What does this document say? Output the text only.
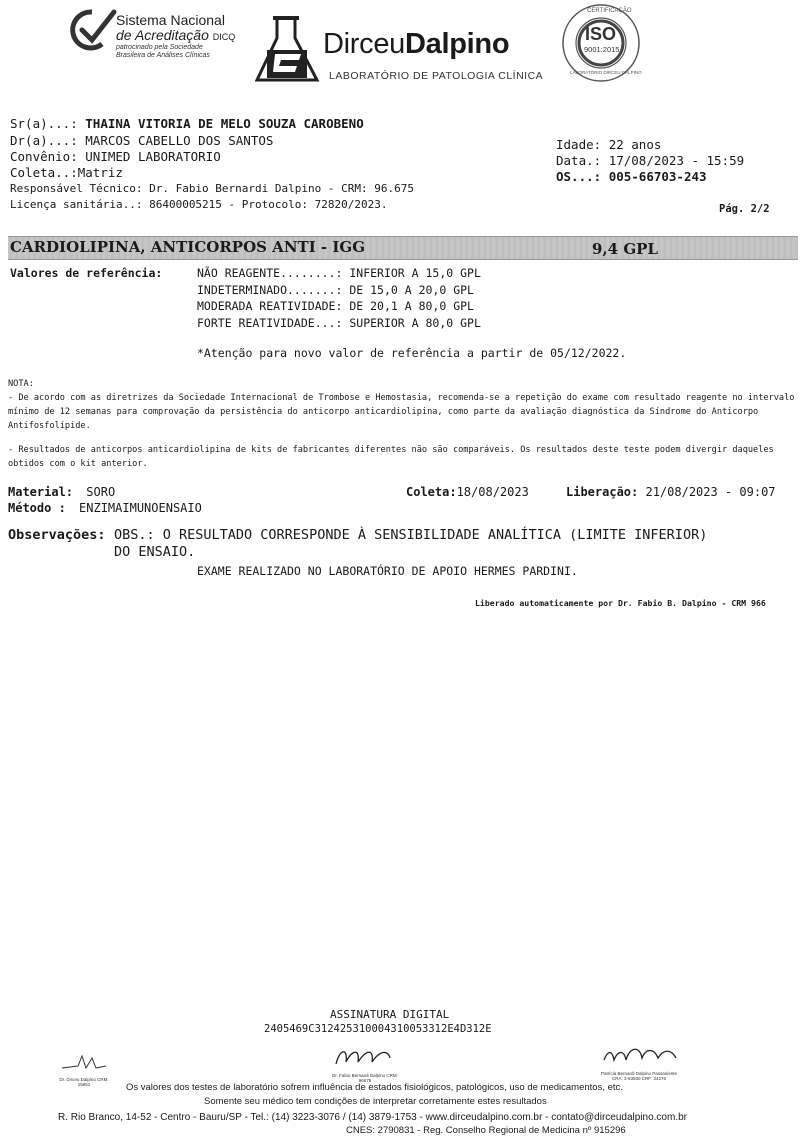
Sistema Nacional
de Acreditação DICQ
patrocinado pela Sociedade
Brasileira de Análises Clínicas	DirceuDalpino
LABORATÓRIO DE PATOLOGIA CLÍNICA
CERTIFICAÇÃO
ISO
9001:2015
LABORATÓRIO DIRCEU DALPINO
Sr(a)...: THAINA VITORIA DE MELO SOUZA CAROBENO
Dr(a)...: MARCOS CABELLO DOS SANTOS
Convênio: UNIMED LABORATORIO
Coleta..:Matriz
Responsável Técnico: Dr. Fabio Bernardi Dalpino - CRM: 96.675
Licença sanitária..: 86400005215 - Protocolo: 72820/2023.
Idade: 22 anos
Data.: 17/08/2023 - 15:59
OS...: 005-66703-243
Pág. 2/2
CARDIOLIPINA, ANTICORPOS ANTI - IGG	9,4 GPL
Valores de referência:	NÃO REAGENTE........: INFERIOR A 15,0 GPL
INDETERMINADO.......: DE 15,0 A 20,0 GPL
MODERADA REATIVIDADE: DE 20,1 A 80,0 GPL
FORTE REATIVIDADE...: SUPERIOR A 80,0 GPL
*Atenção para novo valor de referência a partir de 05/12/2022.
NOTA:
- De acordo com as diretrizes da Sociedade Internacional de Trombose e Hemostasia, recomenda-se a repetição do exame com resultado reagente no intervalo mínimo de 12 semanas para comprovação da persistência do anticorpo anticardiolipina, como parte da avaliação diagnóstica da Síndrome do Anticorpo Antifosfolípide.
- Resultados de anticorpos anticardiolipina de kits de fabricantes diferentes não são comparáveis. Os resultados deste teste podem divergir daqueles obtidos com o kit anterior.
Material: SORO
Método : ENZIMAIMUNOENSAIO
Coleta:18/08/2023	Liberação: 21/08/2023 - 09:07
Observações: OBS.: O RESULTADO CORRESPONDE À SENSIBILIDADE ANALÍTICA (LIMITE INFERIOR)
DO ENSAIO.
EXAME REALIZADO NO LABORATÓRIO DE APOIO HERMES PARDINI.
Liberado automaticamente por Dr. Fabio B. Dalpino - CRM 966
ASSINATURA DIGITAL
2405469C3124253100043100533​12E4D312E
Dr. Dirceu Dalpino CRM: 15851
Dr. Fabio Bernardi Dalpino CRM: 96675
Patrícia Bernardi Dalpino Passaniente CRA: 3-53930 CRF: 24276
Os valores dos testes de laboratório sofrem influência de estados fisiológicos, patológicos, uso de medicamentos, etc.
Somente seu médico tem condições de interpretar corretamente estes resultados
R. Rio Branco, 14-52 - Centro - Bauru/SP - Tel.: (14) 3223-3076 / (14) 3879-1753 - www.dirceudalpino.com.br - contato@dirceudalpino.com.br
CNES: 2790831 - Reg. Conselho Regional de Medicina nº 915296
